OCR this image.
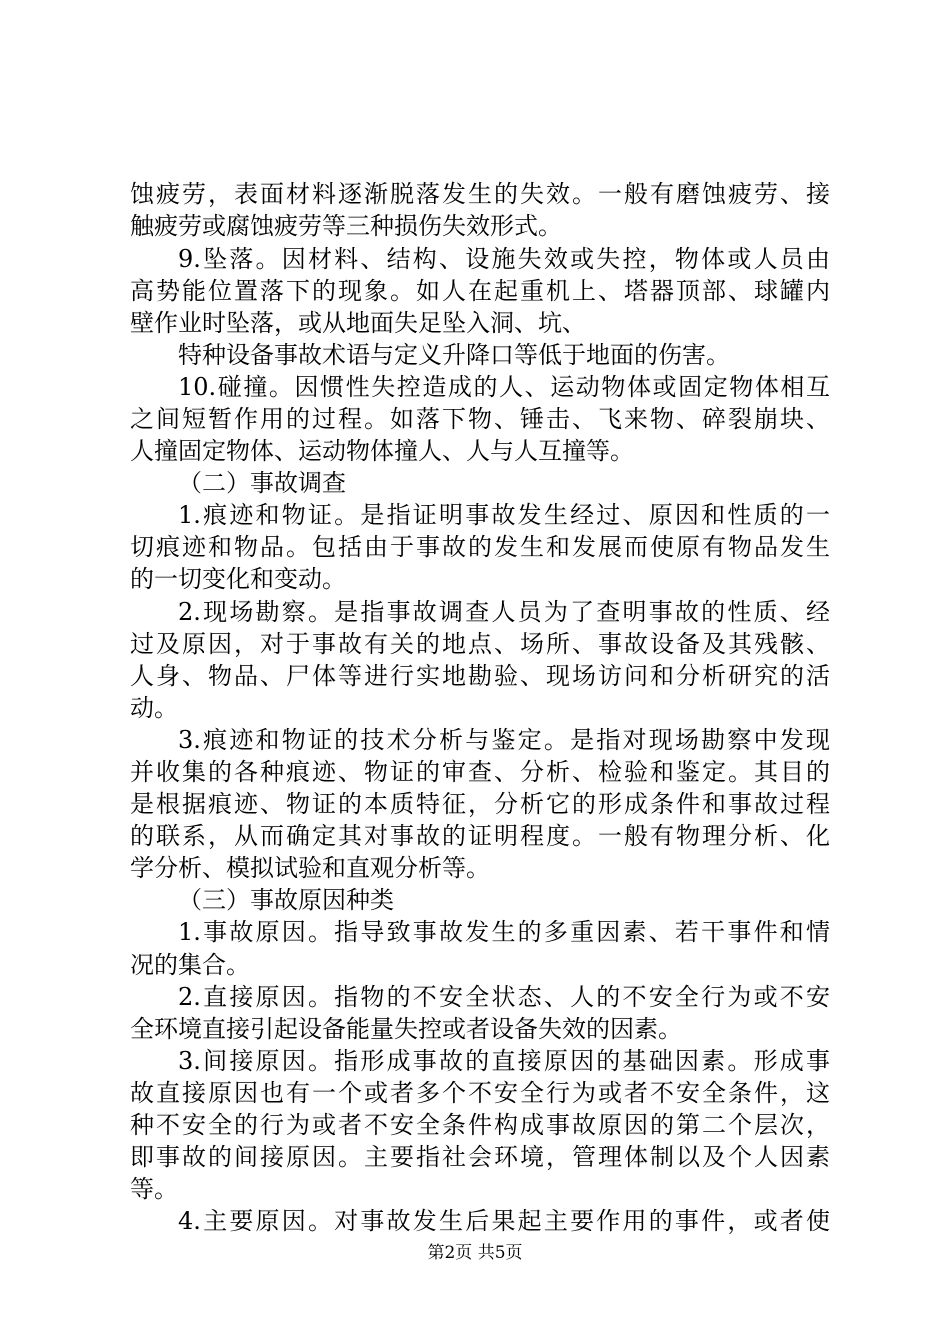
蚀疲劳，表面材料逐渐脱落发生的失效。一般有磨蚀疲劳、接
触疲劳或腐蚀疲劳等三种损伤失效形式。
9.坠落。因材料、结构、设施失效或失控，物体或人员由
高势能位置落下的现象。如人在起重机上、塔器顶部、球罐内
壁作业时坠落，或从地面失足坠入洞、坑、
特种设备事故术语与定义升降口等低于地面的伤害。
10.碰撞。因惯性失控造成的人、运动物体或固定物体相互
之间短暂作用的过程。如落下物、锤击、飞来物、碎裂崩块、
人撞固定物体、运动物体撞人、人与人互撞等。
（二）事故调查
1.痕迹和物证。是指证明事故发生经过、原因和性质的一
切痕迹和物品。包括由于事故的发生和发展而使原有物品发生
的一切变化和变动。
2.现场勘察。是指事故调查人员为了查明事故的性质、经
过及原因，对于事故有关的地点、场所、事故设备及其残骸、
人身、物品、尸体等进行实地勘验、现场访问和分析研究的活
动。
3.痕迹和物证的技术分析与鉴定。是指对现场勘察中发现
并收集的各种痕迹、物证的审查、分析、检验和鉴定。其目的
是根据痕迹、物证的本质特征，分析它的形成条件和事故过程
的联系，从而确定其对事故的证明程度。一般有物理分析、化
学分析、模拟试验和直观分析等。
（三）事故原因种类
1.事故原因。指导致事故发生的多重因素、若干事件和情
况的集合。
2.直接原因。指物的不安全状态、人的不安全行为或不安
全环境直接引起设备能量失控或者设备失效的因素。
3.间接原因。指形成事故的直接原因的基础因素。形成事
故直接原因也有一个或者多个不安全行为或者不安全条件，这
种不安全的行为或者不安全条件构成事故原因的第二个层次，
即事故的间接原因。主要指社会环境，管理体制以及个人因素
等。
4.主要原因。对事故发生后果起主要作用的事件，或者使
第2页 共5页
